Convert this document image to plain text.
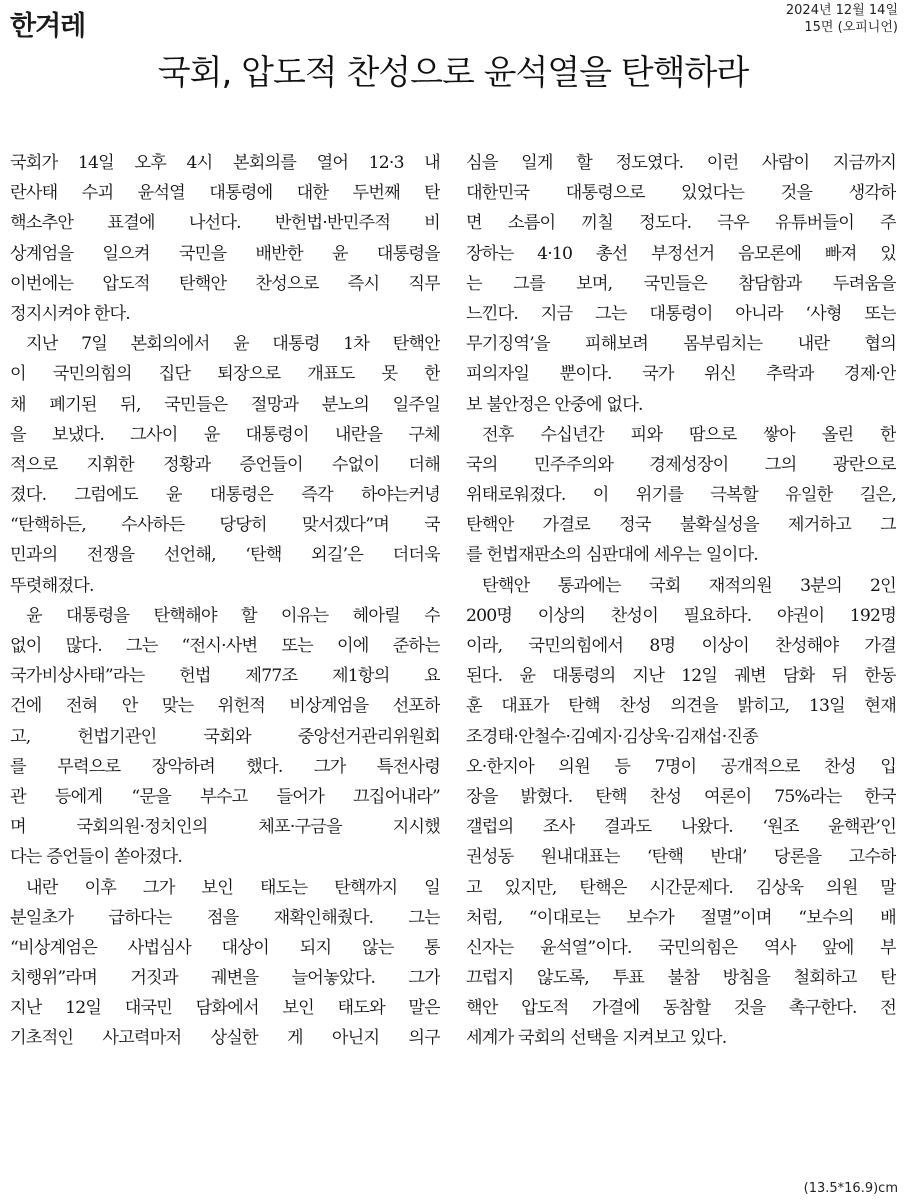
한겨레
2024년 12월 14일
15면 (오피니언)
국회, 압도적 찬성으로 윤석열을 탄핵하라
국회가 14일 오후 4시 본회의를 열어 12·3 내
란사태 수괴 윤석열 대통령에 대한 두번째 탄
핵소추안 표결에 나선다. 반헌법·반민주적 비
상계엄을 일으켜 국민을 배반한 윤 대통령을
이번에는 압도적 탄핵안 찬성으로 즉시 직무
정지시켜야 한다.
지난 7일 본회의에서 윤 대통령 1차 탄핵안
이 국민의힘의 집단 퇴장으로 개표도 못 한
채 폐기된 뒤, 국민들은 절망과 분노의 일주일
을 보냈다. 그사이 윤 대통령이 내란을 구체
적으로 지휘한 정황과 증언들이 수없이 더해
졌다. 그럼에도 윤 대통령은 즉각 하야는커녕
“탄핵하든, 수사하든 당당히 맞서겠다”며 국
민과의 전쟁을 선언해, ‘탄핵 외길’은 더더욱
뚜렷해졌다.
윤 대통령을 탄핵해야 할 이유는 헤아릴 수
없이 많다. 그는 “전시·사변 또는 이에 준하는
국가비상사태”라는 헌법 제77조 제1항의 요
건에 전혀 안 맞는 위헌적 비상계엄을 선포하
고, 헌법기관인 국회와 중앙선거관리위원회
를 무력으로 장악하려 했다. 그가 특전사령
관 등에게 “문을 부수고 들어가 끄집어내라”
며 국회의원·정치인의 체포·구금을 지시했
다는 증언들이 쏟아졌다.
내란 이후 그가 보인 태도는 탄핵까지 일
분일초가 급하다는 점을 재확인해줬다. 그는
“비상계엄은 사법심사 대상이 되지 않는 통
치행위”라며 거짓과 궤변을 늘어놓았다. 그가
지난 12일 대국민 담화에서 보인 태도와 말은
기초적인 사고력마저 상실한 게 아닌지 의구
심을 일게 할 정도였다. 이런 사람이 지금까지
대한민국 대통령으로 있었다는 것을 생각하
면 소름이 끼칠 정도다. 극우 유튜버들이 주
장하는 4·10 총선 부정선거 음모론에 빠져 있
는 그를 보며, 국민들은 참담함과 두려움을
느낀다. 지금 그는 대통령이 아니라 ‘사형 또는
무기징역’을 피해보려 몸부림치는 내란 협의
피의자일 뿐이다. 국가 위신 추락과 경제·안
보 불안정은 안중에 없다.
전후 수십년간 피와 땀으로 쌓아 올린 한
국의 민주주의와 경제성장이 그의 광란으로
위태로워졌다. 이 위기를 극복할 유일한 길은,
탄핵안 가결로 정국 불확실성을 제거하고 그
를 헌법재판소의 심판대에 세우는 일이다.
탄핵안 통과에는 국회 재적의원 3분의 2인
200명 이상의 찬성이 필요하다. 야권이 192명
이라, 국민의힘에서 8명 이상이 찬성해야 가결
된다. 윤 대통령의 지난 12일 궤변 담화 뒤 한동
훈 대표가 탄핵 찬성 의견을 밝히고, 13일 현재
조경태·안철수·김예지·김상욱·김재섭·진종
오·한지아 의원 등 7명이 공개적으로 찬성 입
장을 밝혔다. 탄핵 찬성 여론이 75%라는 한국
갤럽의 조사 결과도 나왔다. ‘원조 윤핵관’인
권성동 원내대표는 ‘탄핵 반대’ 당론을 고수하
고 있지만, 탄핵은 시간문제다. 김상욱 의원 말
처럼, “이대로는 보수가 절멸”이며 “보수의 배
신자는 윤석열”이다. 국민의힘은 역사 앞에 부
끄럽지 않도록, 투표 불참 방침을 철회하고 탄
핵안 압도적 가결에 동참할 것을 촉구한다. 전
세계가 국회의 선택을 지켜보고 있다.
(13.5*16.9)cm
